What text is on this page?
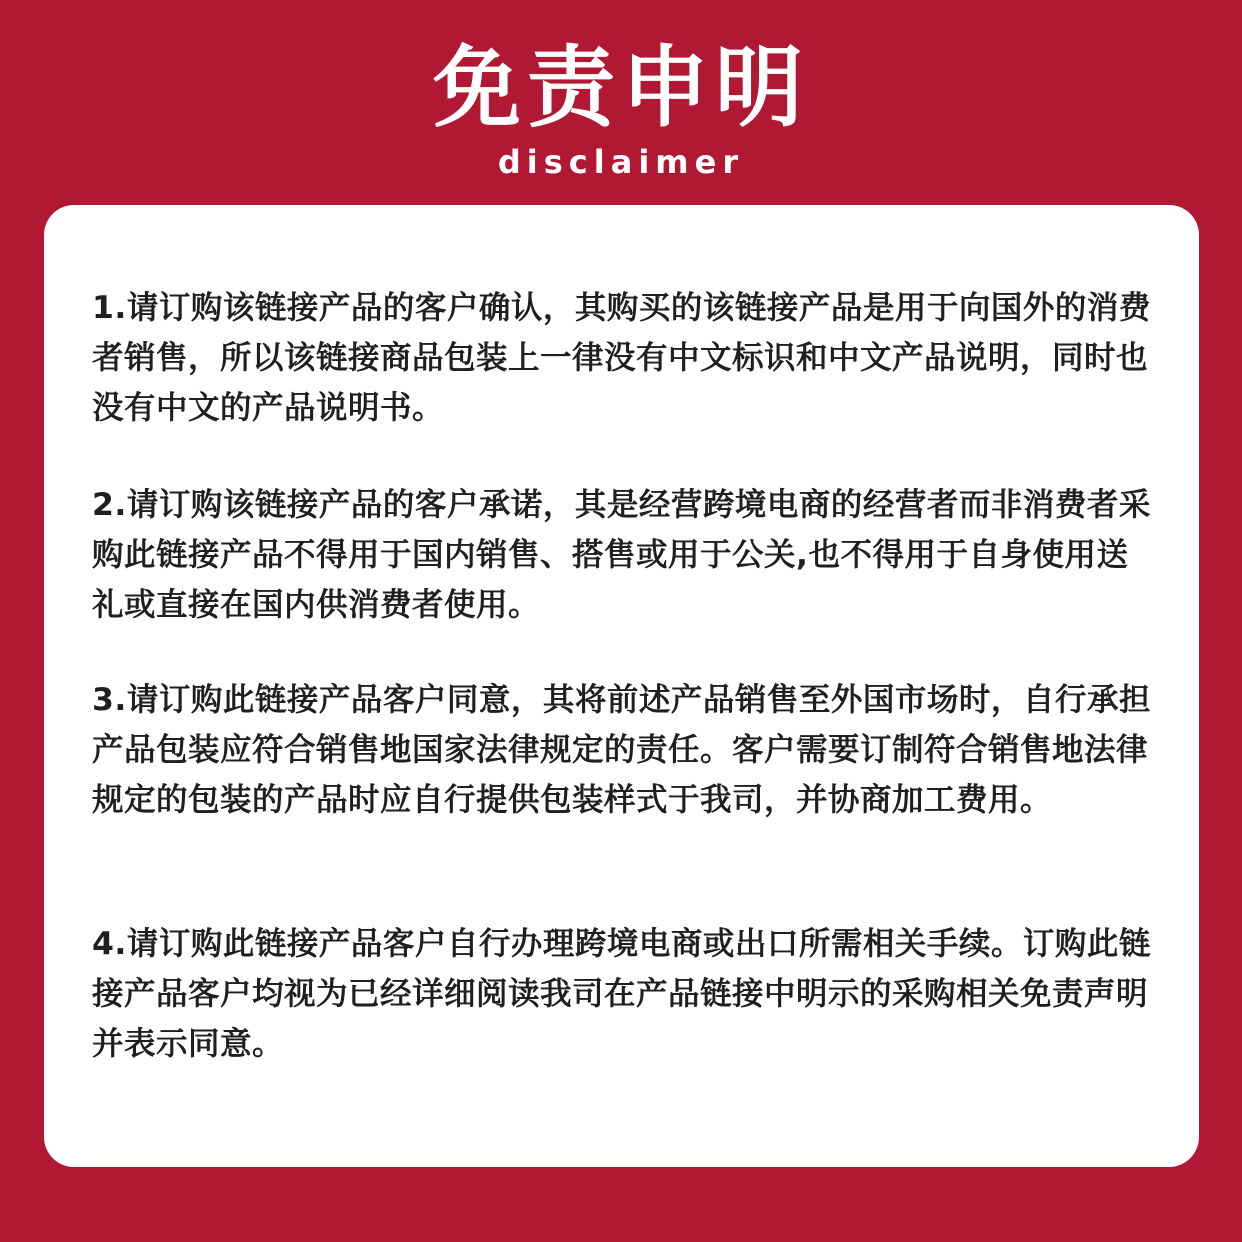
免责申明
disclaimer
1.请订购该链接产品的客户确认，其购买的该链接产品是用于向国外的消费者销售，所以该链接商品包装上一律没有中文标识和中文产品说明，同时也没有中文的产品说明书。
2.请订购该链接产品的客户承诺，其是经营跨境电商的经营者而非消费者采购此链接产品不得用于国内销售、搭售或用于公关,也不得用于自身使用送礼或直接在国内供消费者使用。
3.请订购此链接产品客户同意，其将前述产品销售至外国市场时，自行承担产品包装应符合销售地国家法律规定的责任。客户需要订制符合销售地法律规定的包装的产品时应自行提供包装样式于我司，并协商加工费用。
4.请订购此链接产品客户自行办理跨境电商或出口所需相关手续。订购此链接产品客户均视为已经详细阅读我司在产品链接中明示的采购相关免责声明并表示同意。
